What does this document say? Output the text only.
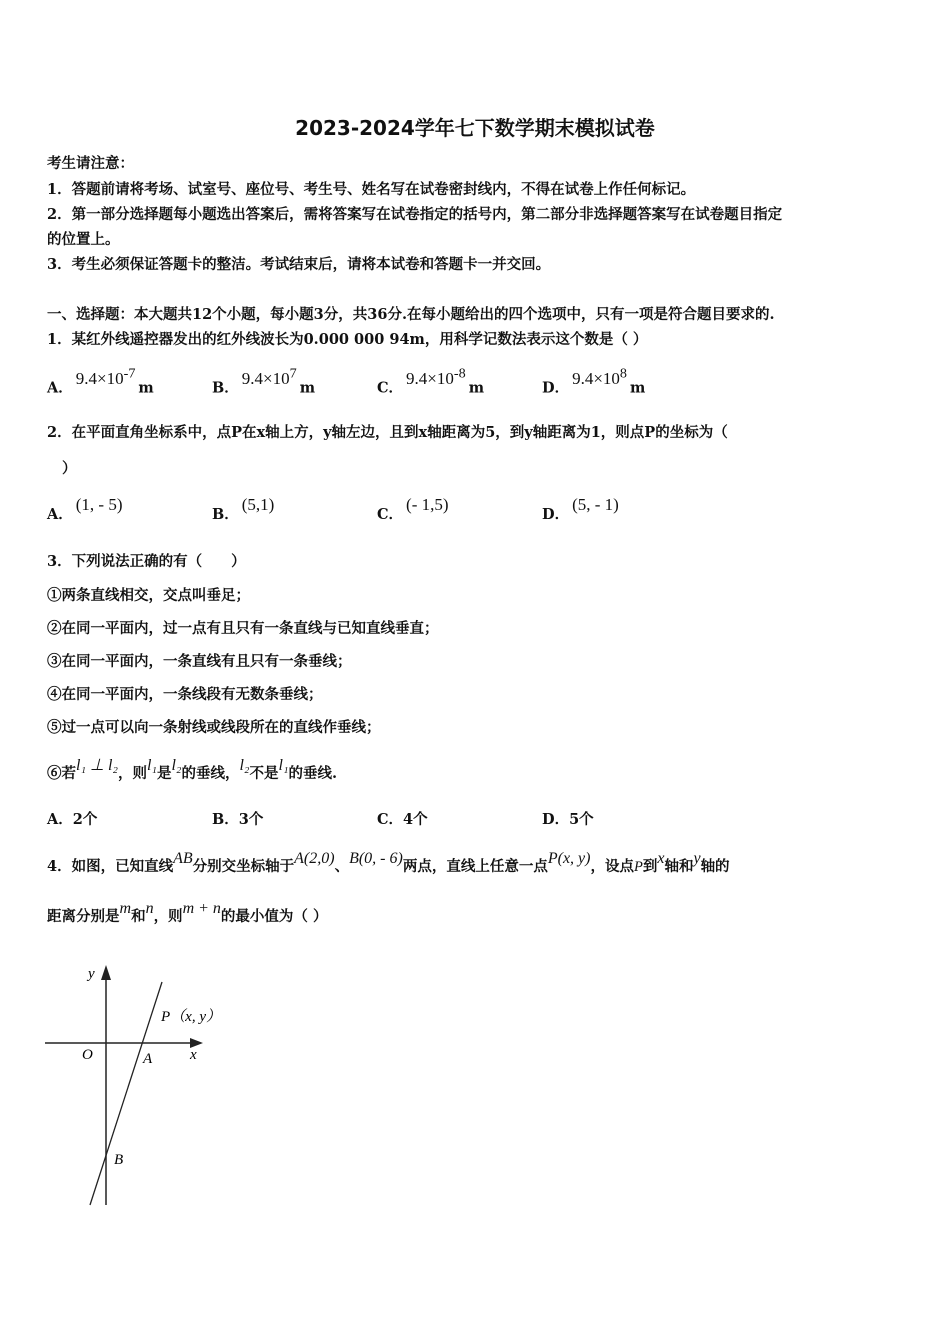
2023-2024学年七下数学期末模拟试卷
考生请注意：
1．答题前请将考场、试室号、座位号、考生号、姓名写在试卷密封线内，不得在试卷上作任何标记。
2．第一部分选择题每小题选出答案后，需将答案写在试卷指定的括号内，第二部分非选择题答案写在试卷题目指定
的位置上。
3．考生必须保证答题卡的整洁。考试结束后，请将本试卷和答题卡一并交回。
一、选择题：本大题共12个小题，每小题3分，共36分.在每小题给出的四个选项中，只有一项是符合题目要求的.
1．某红外线遥控器发出的红外线波长为0.000 000 94m，用科学记数法表示这个数是（ ）
A．$9.4\times 10^{-7}m$	B．$9.4\times 10^7m$	C．$9.4\times 10^{-8}m$	D．$9.4\times 10^8m$
2．在平面直角坐标系中，点P在x轴上方，y轴左边，且到x轴距离为5，到y轴距离为1，则点P的坐标为（
）
A．(1, - 5)
B．(5,1)
C．(- 1,5)
D．(5, - 1)
3．下列说法正确的有（　　）
①两条直线相交，交点叫垂足；
②在同一平面内，过一点有且只有一条直线与已知直线垂直；
③在同一平面内，一条直线有且只有一条垂线；
④在同一平面内，一条线段有无数条垂线；
⑤过一点可以向一条射线或线段所在的直线作垂线；
⑥若l₁ ⊥ l₂，则l₁是l₂的垂线，l₂不是l₁的垂线.
A．2个	B．3个	C．4个	D．5个
4．如图，已知直线AB分别交坐标轴于A(2,0)、B(0, - 6)两点，直线上任意一点P(x, y)，设点P到x轴和y轴的
距离分别是m和n，则m + n的最小值为（ ）
y
x
O	A
B
P（x, y）
